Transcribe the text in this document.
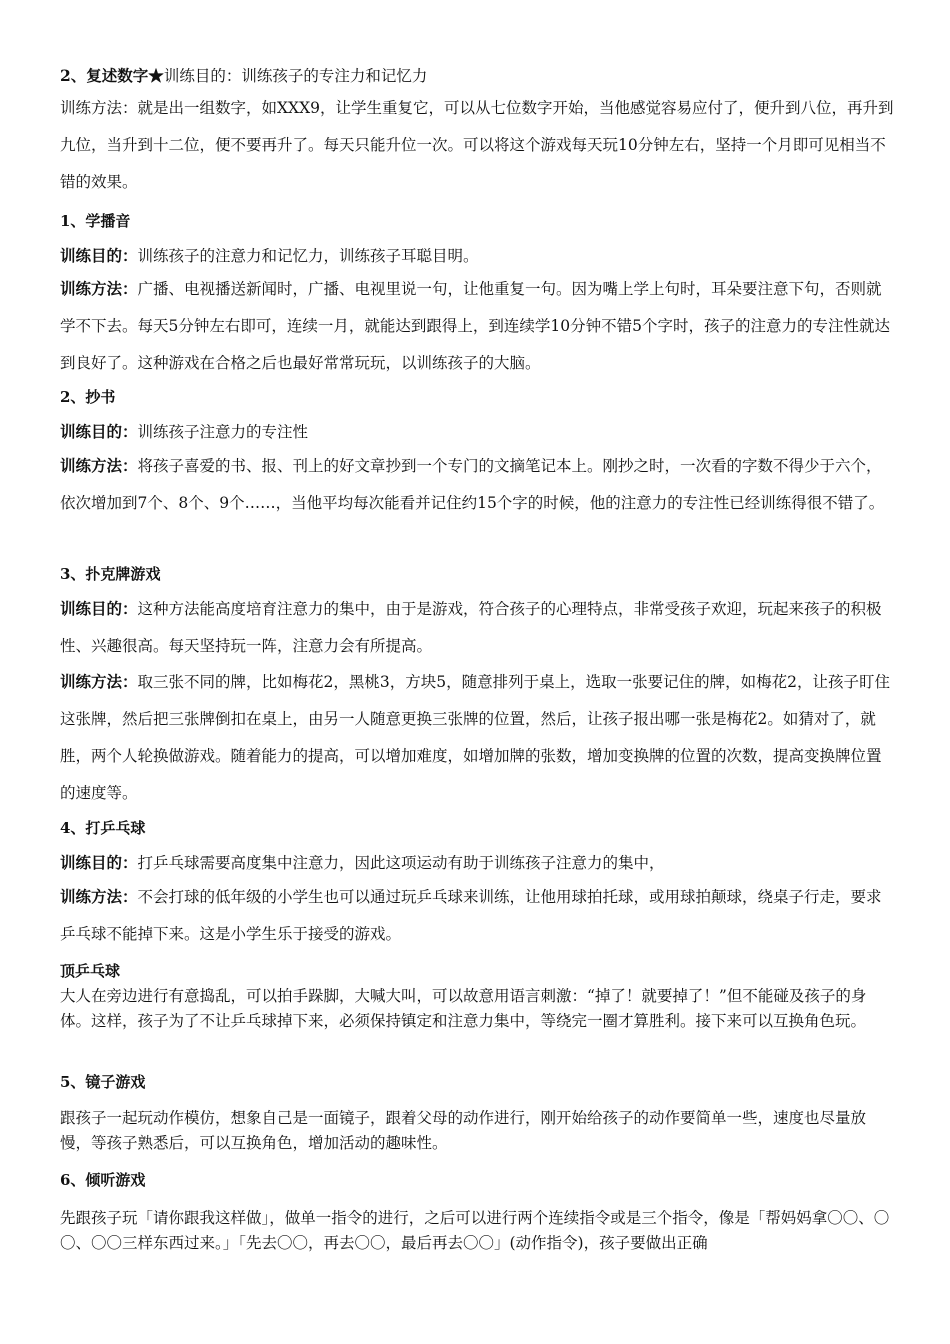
2、复述数字★训练目的：训练孩子的专注力和记忆力

训练方法：就是出一组数字，如XXX9，让学生重复它，可以从七位数字开始，当他感觉容易应付了，便升到八位，再升到九位，当升到十二位，便不要再升了。每天只能升位一次。可以将这个游戏每天玩10分钟左右，坚持一个月即可见相当不错的效果。

1、学播音

训练目的：训练孩子的注意力和记忆力，训练孩子耳聪目明。

训练方法：广播、电视播送新闻时，广播、电视里说一句，让他重复一句。因为嘴上学上句时，耳朵要注意下句，否则就学不下去。每天5分钟左右即可，连续一月，就能达到跟得上，到连续学10分钟不错5个字时，孩子的注意力的专注性就达到良好了。这种游戏在合格之后也最好常常玩玩，以训练孩子的大脑。

2、抄书

训练目的：训练孩子注意力的专注性

训练方法：将孩子喜爱的书、报、刊上的好文章抄到一个专门的文摘笔记本上。刚抄之时，一次看的字数不得少于六个，依次增加到7个、8个、9个……，当他平均每次能看并记住约15个字的时候，他的注意力的专注性已经训练得很不错了。

3、扑克牌游戏

训练目的：这种方法能高度培育注意力的集中，由于是游戏，符合孩子的心理特点，非常受孩子欢迎，玩起来孩子的积极性、兴趣很高。每天坚持玩一阵，注意力会有所提高。

训练方法：取三张不同的牌，比如梅花2，黑桃3，方块5，随意排列于桌上，选取一张要记住的牌，如梅花2，让孩子盯住这张牌，然后把三张牌倒扣在桌上，由另一人随意更换三张牌的位置，然后，让孩子报出哪一张是梅花2。如猜对了，就胜，两个人轮换做游戏。随着能力的提高，可以增加难度，如增加牌的张数，增加变换牌的位置的次数，提高变换牌位置的速度等。

4、打乒乓球

训练目的：打乒乓球需要高度集中注意力，因此这项运动有助于训练孩子注意力的集中，

训练方法：不会打球的低年级的小学生也可以通过玩乒乓球来训练，让他用球拍托球，或用球拍颠球，绕桌子行走，要求乒乓球不能掉下来。这是小学生乐于接受的游戏。

顶乒乓球

大人在旁边进行有意捣乱，可以拍手跺脚，大喊大叫，可以故意用语言刺激：“掉了！就要掉了！”但不能碰及孩子的身体。这样，孩子为了不让乒乓球掉下来，必须保持镇定和注意力集中，等绕完一圈才算胜利。接下来可以互换角色玩。

5、镜子游戏

跟孩子一起玩动作模仿，想象自己是一面镜子，跟着父母的动作进行，刚开始给孩子的动作要简单一些，速度也尽量放慢，等孩子熟悉后，可以互换角色，增加活动的趣味性。

6、倾听游戏

先跟孩子玩「请你跟我这样做」，做单一指令的进行，之后可以进行两个连续指令或是三个指令，像是「帮妈妈拿〇〇、〇〇、〇〇三样东西过来。」「先去〇〇，再去〇〇，最后再去〇〇」(动作指令)，孩子要做出正确
